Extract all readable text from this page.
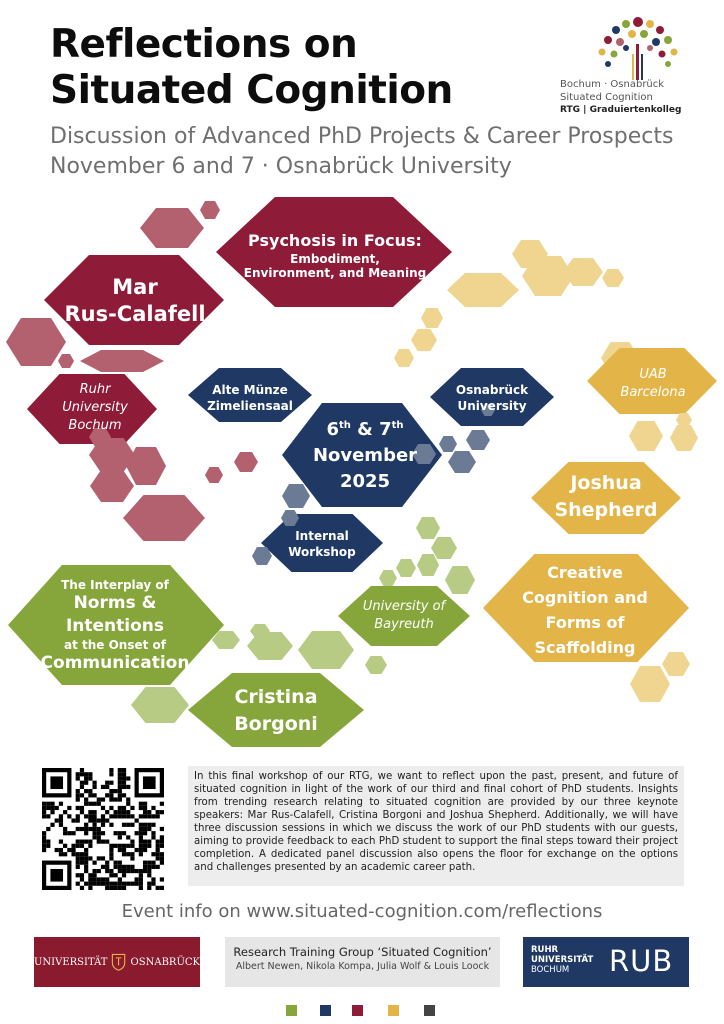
Reflections on
Situated Cognition
Discussion of Advanced PhD Projects & Career Prospects
November 6 and 7 · Osnabrück University
Bochum · Osnabrück
Situated Cognition
RTG | Graduiertenkolleg
Psychosis in Focus:
Embodiment,
Environment, and Meaning
Mar
Rus-Calafell
Ruhr
University
Bochum
Alte Münze
Zimeliensaal
Osnabrück
University
6th & 7th
November
2025
Internal
Workshop
UAB
Barcelona
Joshua
Shepherd
Creative
Cognition and
Forms of
Scaffolding
The Interplay of
Norms &
Intentions
at the Onset of
Communication
University of
Bayreuth
Cristina
Borgoni
In this final workshop of our RTG, we want to reflect upon the past, present, and future of situated cognition in light of the work of our third and final cohort of PhD students. Insights from trending research relating to situated cognition are provided by our three keynote speakers: Mar Rus-Calafell, Cristina Borgoni and Joshua Shepherd. Additionally, we will have three discussion sessions in which we discuss the work of our PhD students with our guests, aiming to provide feedback to each PhD student to support the final steps toward their project completion. A dedicated panel discussion also opens the floor for exchange on the options and challenges presented by an academic career path.
Event info on www.situated-cognition.com/reflections
UNIVERSITÄT OSNABRÜCK
Research Training Group ‘Situated Cognition’
Albert Newen, Nikola Kompa, Julia Wolf & Louis Loock
RUHR
UNIVERSITÄT
BOCHUM	RUB
